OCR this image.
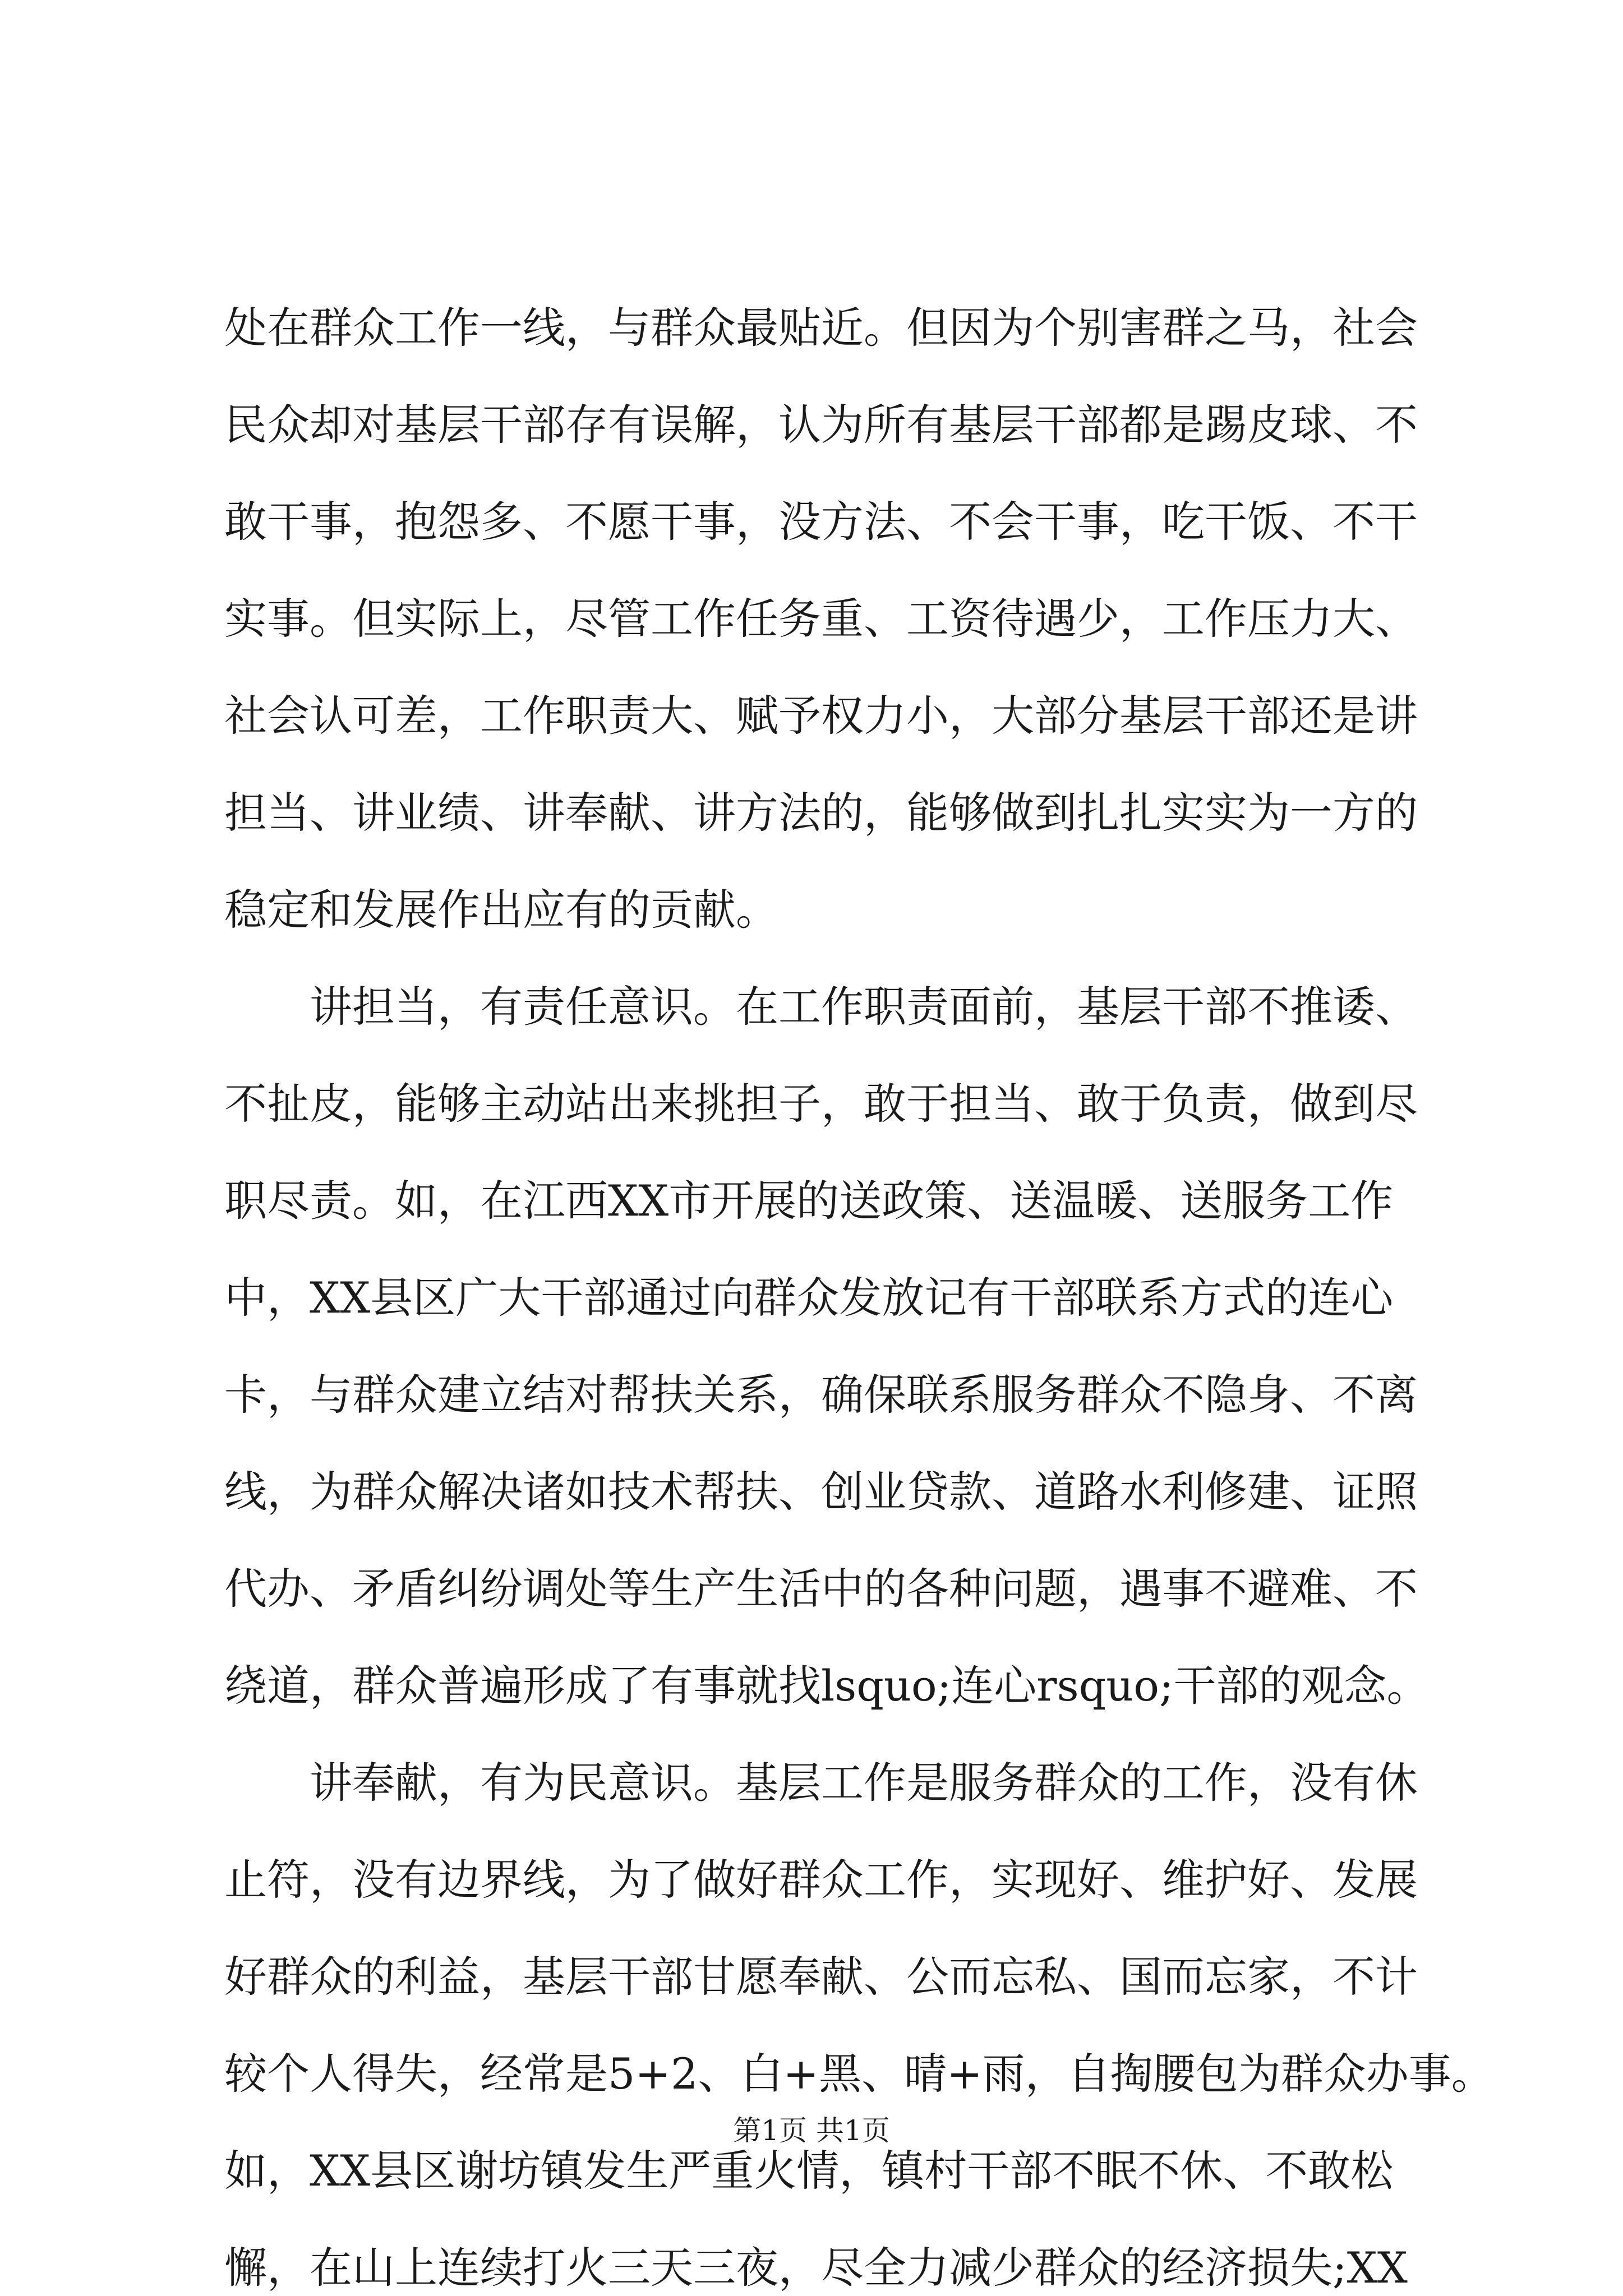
处在群众工作一线，与群众最贴近。但因为个别害群之马，社会
民众却对基层干部存有误解，认为所有基层干部都是踢皮球、不
敢干事，抱怨多、不愿干事，没方法、不会干事，吃干饭、不干
实事。但实际上，尽管工作任务重、工资待遇少，工作压力大、
社会认可差，工作职责大、赋予权力小，大部分基层干部还是讲
担当、讲业绩、讲奉献、讲方法的，能够做到扎扎实实为一方的
稳定和发展作出应有的贡献。
讲担当，有责任意识。在工作职责面前，基层干部不推诿、
不扯皮，能够主动站出来挑担子，敢于担当、敢于负责，做到尽
职尽责。如，在江西XX市开展的送政策、送温暖、送服务工作
中，XX县区广大干部通过向群众发放记有干部联系方式的连心
卡，与群众建立结对帮扶关系，确保联系服务群众不隐身、不离
线，为群众解决诸如技术帮扶、创业贷款、道路水利修建、证照
代办、矛盾纠纷调处等生产生活中的各种问题，遇事不避难、不
绕道，群众普遍形成了有事就找lsquo;连心rsquo;干部的观念。
讲奉献，有为民意识。基层工作是服务群众的工作，没有休
止符，没有边界线，为了做好群众工作，实现好、维护好、发展
好群众的利益，基层干部甘愿奉献、公而忘私、国而忘家，不计
较个人得失，经常是5+2、白+黑、晴+雨，自掏腰包为群众办事。
如，XX县区谢坊镇发生严重火情，镇村干部不眠不休、不敢松
懈，在山上连续打火三天三夜，尽全力减少群众的经济损失;XX
第1页 共1页
